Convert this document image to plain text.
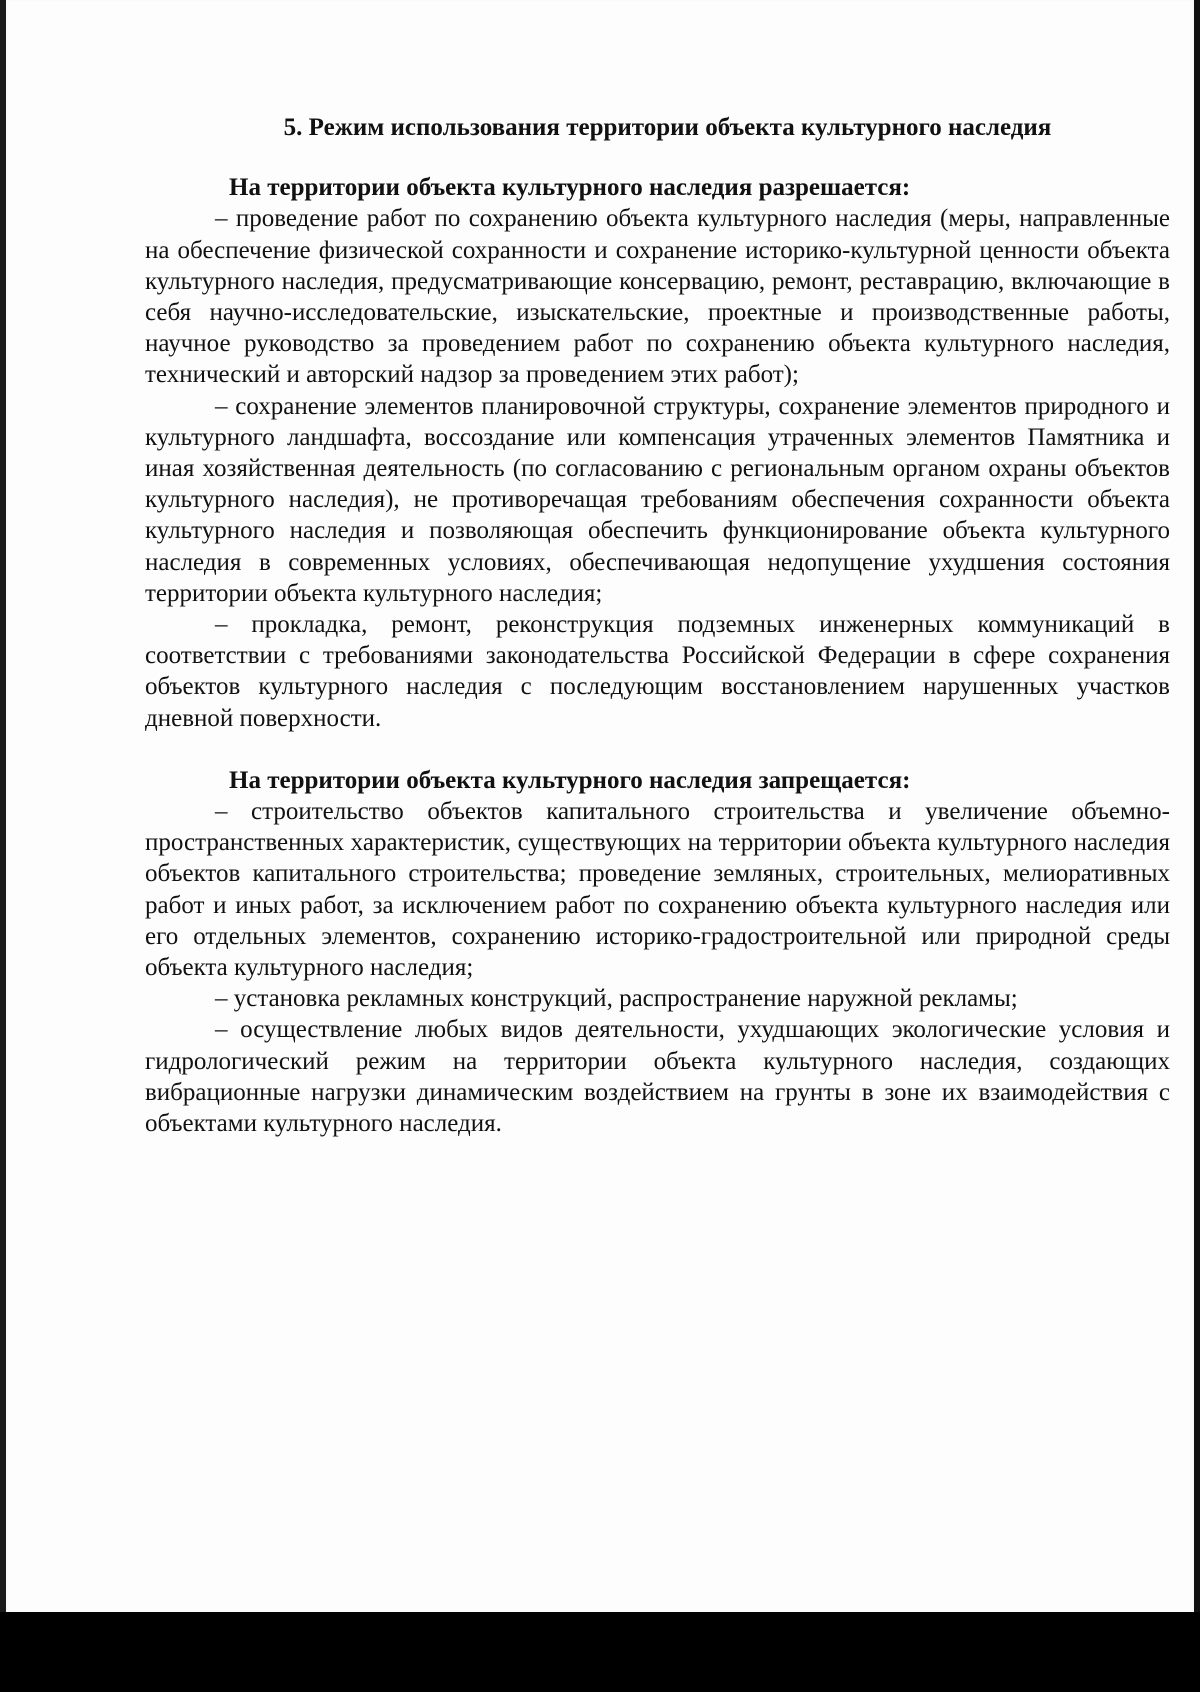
5. Режим использования территории объекта культурного наследия

На территории объекта культурного наследия разрешается:

– проведение работ по сохранению объекта культурного наследия (меры, направленные на обеспечение физической сохранности и сохранение историко-культурной ценности объекта культурного наследия, предусматривающие консервацию, ремонт, реставрацию, включающие в себя научно-исследовательские, изыскательские, проектные и производственные работы, научное руководство за проведением работ по сохранению объекта культурного наследия, технический и авторский надзор за проведением этих работ);

– сохранение элементов планировочной структуры, сохранение элементов природного и культурного ландшафта, воссоздание или компенсация утраченных элементов Памятника и иная хозяйственная деятельность (по согласованию с региональным органом охраны объектов культурного наследия), не противоречащая требованиям обеспечения сохранности объекта культурного наследия и позволяющая обеспечить функционирование объекта культурного наследия в современных условиях, обеспечивающая недопущение ухудшения состояния территории объекта культурного наследия;

– прокладка, ремонт, реконструкция подземных инженерных коммуникаций в соответствии с требованиями законодательства Российской Федерации в сфере сохранения объектов культурного наследия с последующим восстановлением нарушенных участков дневной поверхности.

На территории объекта культурного наследия запрещается:

– строительство объектов капитального строительства и увеличение объемно-пространственных характеристик, существующих на территории объекта культурного наследия объектов капитального строительства; проведение земляных, строительных, мелиоративных работ и иных работ, за исключением работ по сохранению объекта культурного наследия или его отдельных элементов, сохранению историко-градостроительной или природной среды объекта культурного наследия;

– установка рекламных конструкций, распространение наружной рекламы;

– осуществление любых видов деятельности, ухудшающих экологические условия и гидрологический режим на территории объекта культурного наследия, создающих вибрационные нагрузки динамическим воздействием на грунты в зоне их взаимодействия с объектами культурного наследия.
